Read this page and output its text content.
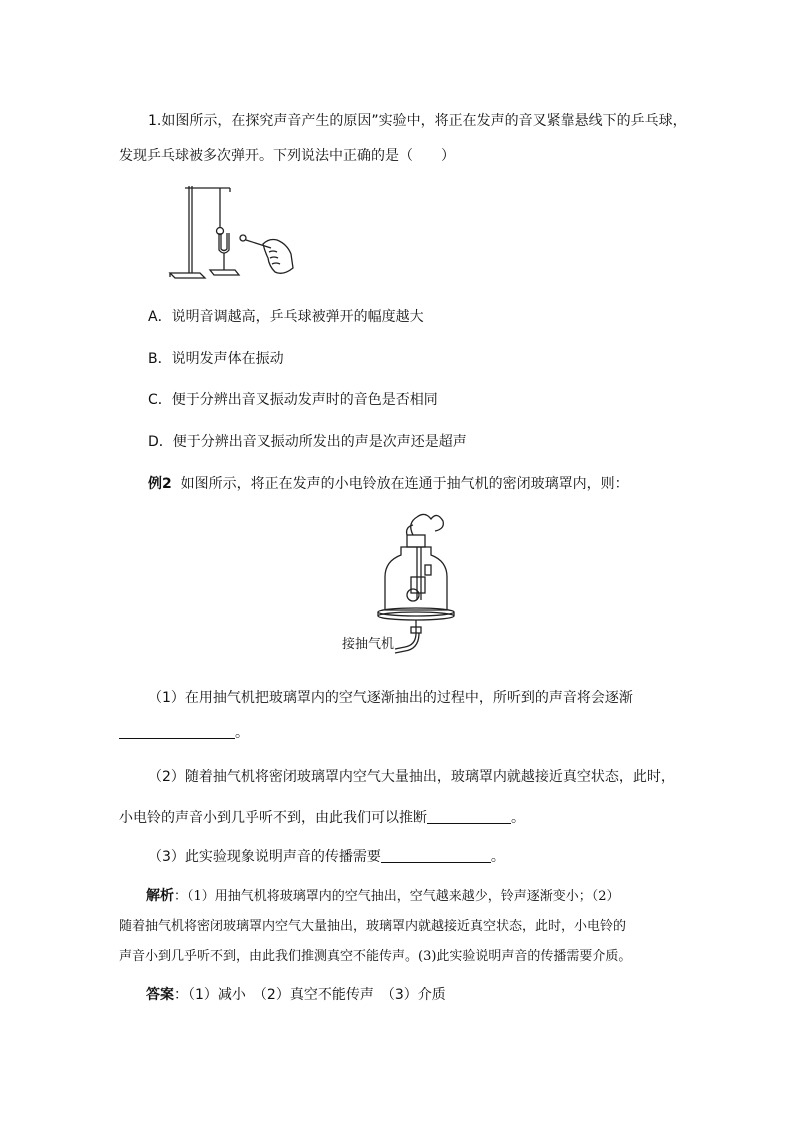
1.如图所示，在探究声音产生的原因”实验中，将正在发声的音叉紧靠悬线下的乒乓球，
发现乒乓球被多次弹开。下列说法中正确的是（　　）
A．说明音调越高，乒乓球被弹开的幅度越大
B．说明发声体在振动
C．便于分辨出音叉振动发声时的音色是否相同
D．便于分辨出音叉振动所发出的声是次声还是超声
例2 如图所示，将正在发声的小电铃放在连通于抽气机的密闭玻璃罩内，则：
接抽气机
（1）在用抽气机把玻璃罩内的空气逐渐抽出的过程中，所听到的声音将会逐渐
。
（2）随着抽气机将密闭玻璃罩内空气大量抽出，玻璃罩内就越接近真空状态，此时，
小电铃的声音小到几乎听不到，由此我们可以推断	。
（3）此实验现象说明声音的传播需要	。
解析：（1）用抽气机将玻璃罩内的空气抽出，空气越来越少，铃声逐渐变小；（2）
随着抽气机将密闭玻璃罩内空气大量抽出，玻璃罩内就越接近真空状态，此时，小电铃的
声音小到几乎听不到，由此我们推测真空不能传声。(3)此实验说明声音的传播需要介质。
答案：（1）减小　（2）真空不能传声　（3）介质
